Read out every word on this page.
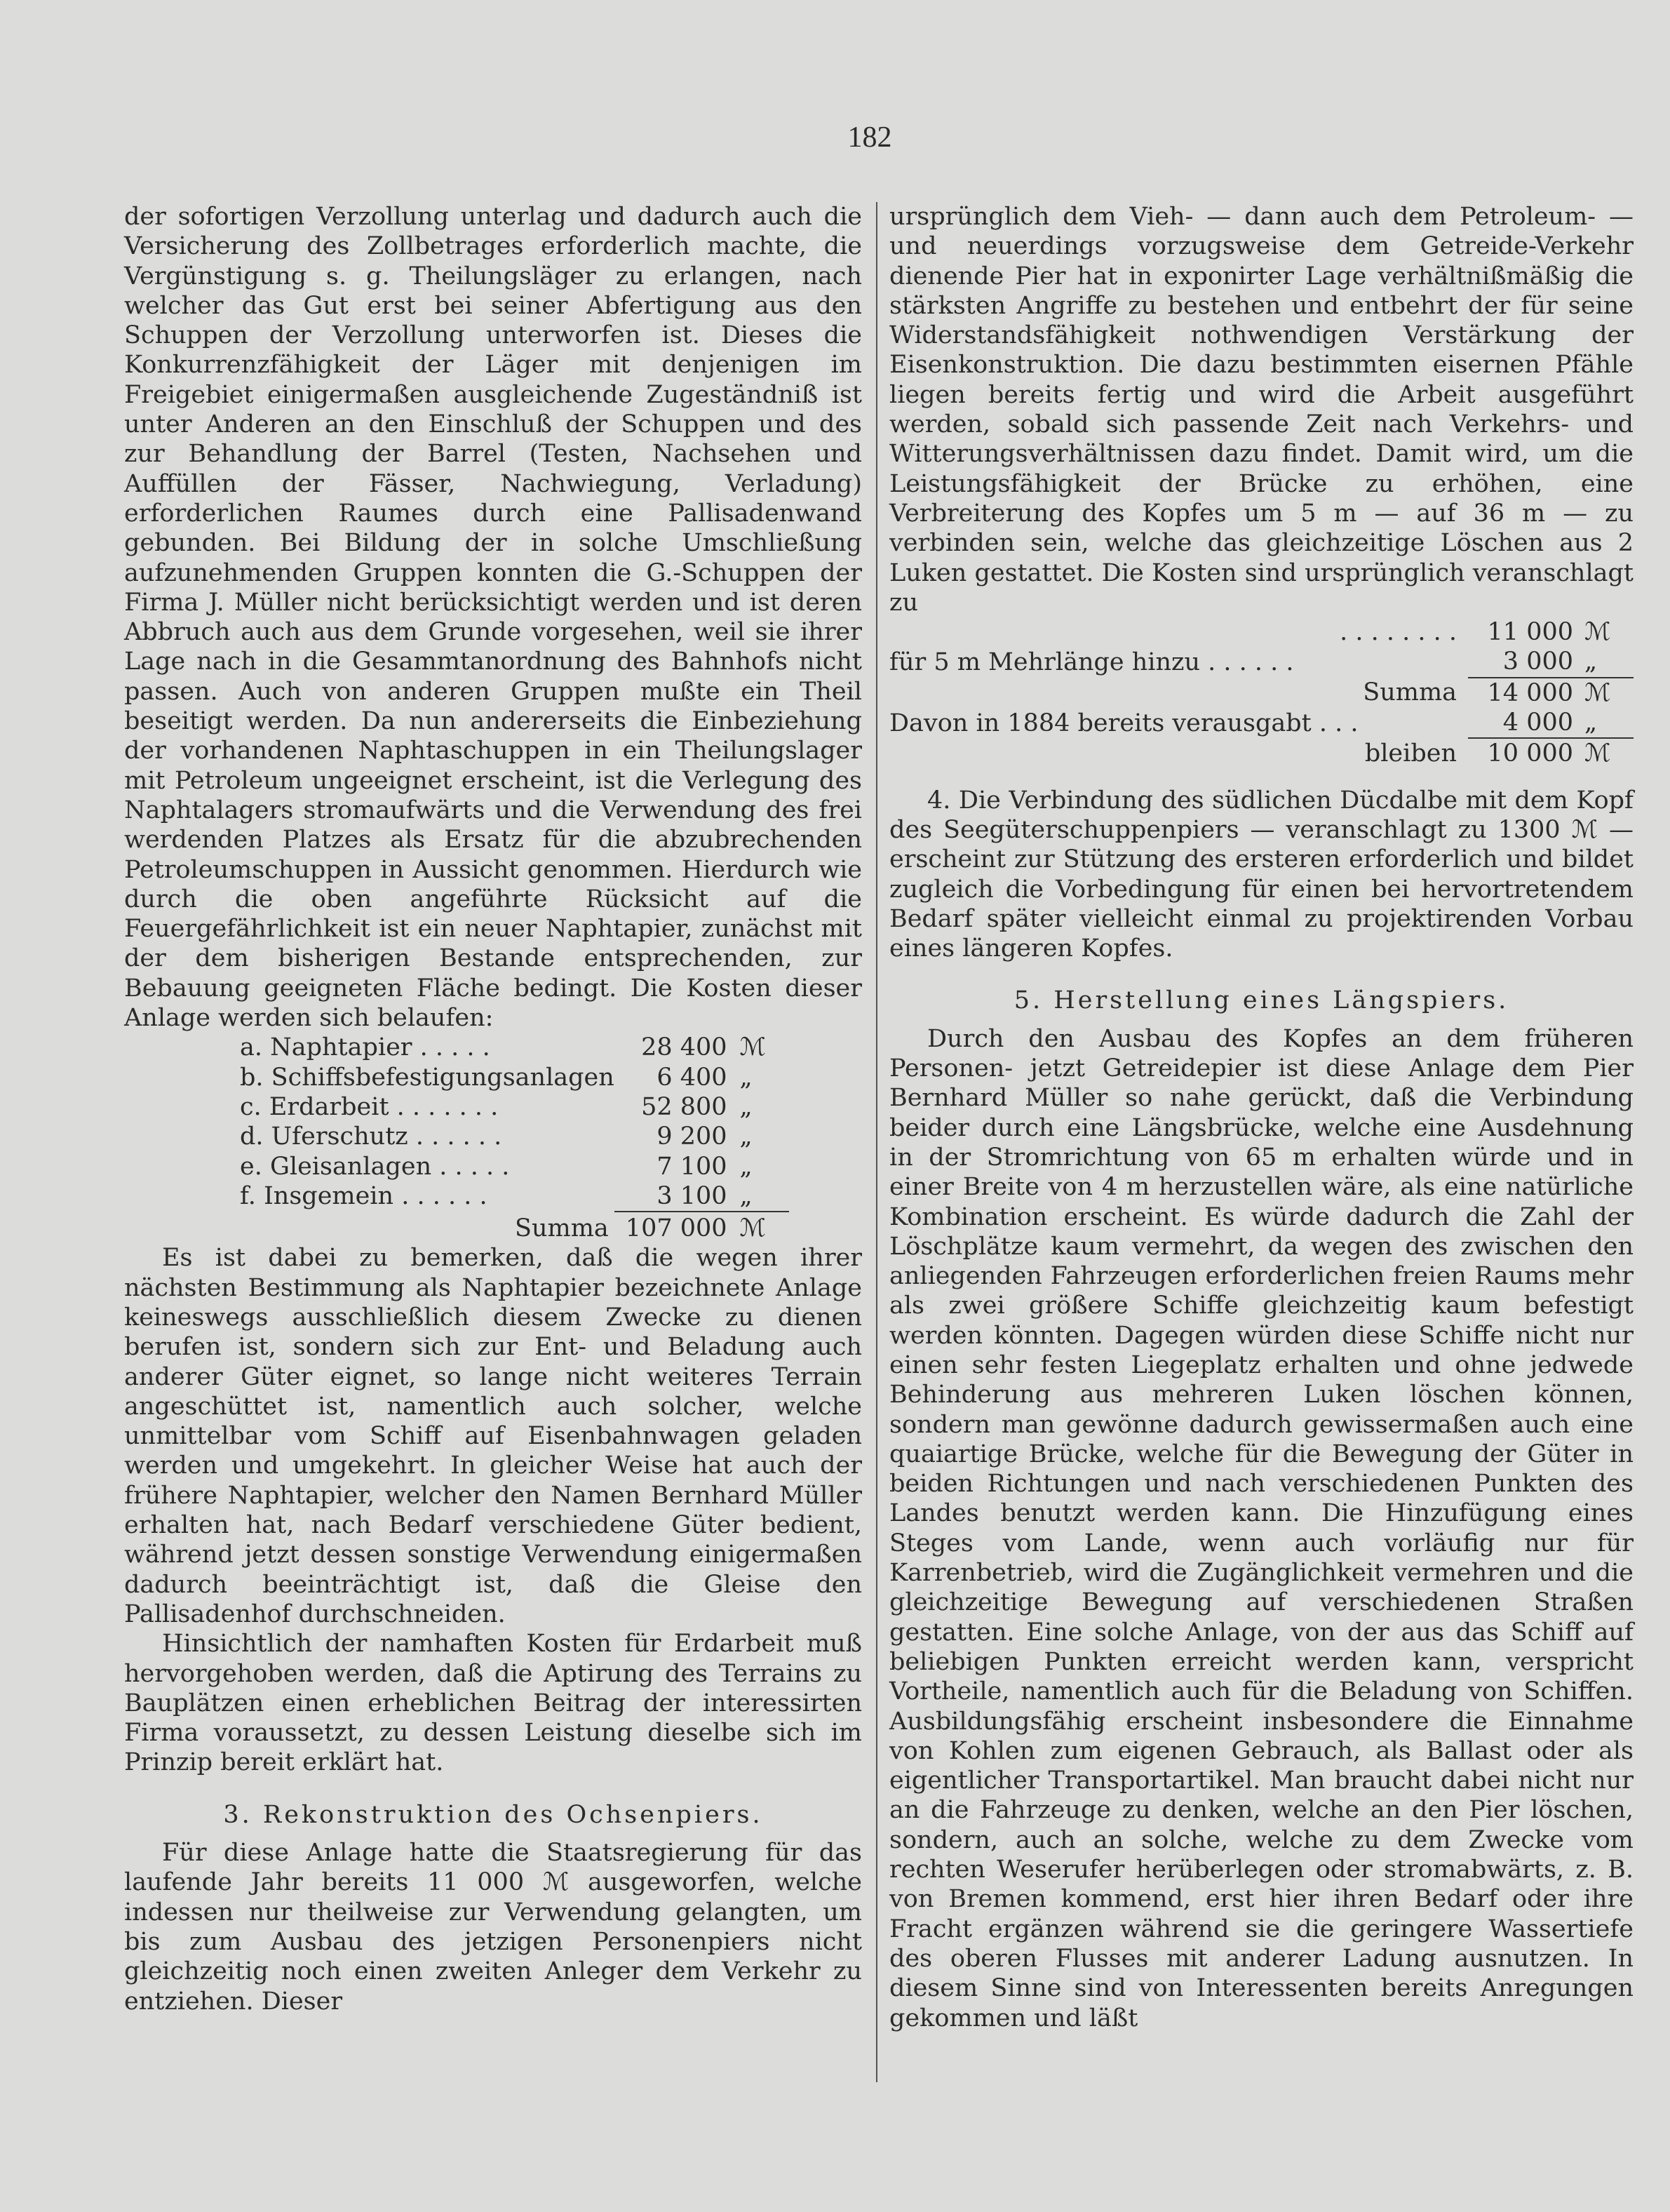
182

der sofortigen Verzollung unterlag und dadurch auch die Versicherung des Zollbetrages erforderlich machte, die Vergünstigung s. g. Theilungsläger zu erlangen, nach welcher das Gut erst bei seiner Abfertigung aus den Schuppen der Verzollung unterworfen ist. Dieses die Konkurrenzfähigkeit der Läger mit denjenigen im Freigebiet einigermaßen ausgleichende Zugeständniß ist unter Anderen an den Einschluß der Schuppen und des zur Behandlung der Barrel (Testen, Nachsehen und Auffüllen der Fässer, Nachwiegung, Verladung) erforderlichen Raumes durch eine Pallisadenwand gebunden. Bei Bildung der in solche Umschließung aufzunehmenden Gruppen konnten die G.-Schuppen der Firma J. Müller nicht berücksichtigt werden und ist deren Abbruch auch aus dem Grunde vorgesehen, weil sie ihrer Lage nach in die Gesammtanordnung des Bahnhofs nicht passen. Auch von anderen Gruppen mußte ein Theil beseitigt werden. Da nun andererseits die Einbeziehung der vorhandenen Naphtaschuppen in ein Theilungslager mit Petroleum ungeeignet erscheint, ist die Verlegung des Naphtalagers stromaufwärts und die Verwendung des frei werdenden Platzes als Ersatz für die abzubrechenden Petroleumschuppen in Aussicht genommen. Hierdurch wie durch die oben angeführte Rücksicht auf die Feuergefährlichkeit ist ein neuer Naphtapier, zunächst mit der dem bisherigen Bestande entsprechenden, zur Bebauung geeigneten Fläche bedingt. Die Kosten dieser Anlage werden sich belaufen:

a. Naphtapier . . . . .	28 400	ℳ
b. Schiffsbefestigungsanlagen	6 400	„
c. Erdarbeit . . . . . . .	52 800	„
d. Uferschutz . . . . . .	9 200	„
e. Gleisanlagen . . . . .	7 100	„
f. Insgemein . . . . . .	3 100	„
Summa	107 000	ℳ

Es ist dabei zu bemerken, daß die wegen ihrer nächsten Bestimmung als Naphtapier bezeichnete Anlage keineswegs ausschließlich diesem Zwecke zu dienen berufen ist, sondern sich zur Ent- und Beladung auch anderer Güter eignet, so lange nicht weiteres Terrain angeschüttet ist, namentlich auch solcher, welche unmittelbar vom Schiff auf Eisenbahnwagen geladen werden und umgekehrt. In gleicher Weise hat auch der frühere Naphtapier, welcher den Namen Bernhard Müller erhalten hat, nach Bedarf verschiedene Güter bedient, während jetzt dessen sonstige Verwendung einigermaßen dadurch beeinträchtigt ist, daß die Gleise den Pallisadenhof durchschneiden.

Hinsichtlich der namhaften Kosten für Erdarbeit muß hervorgehoben werden, daß die Aptirung des Terrains zu Bauplätzen einen erheblichen Beitrag der interessirten Firma voraussetzt, zu dessen Leistung dieselbe sich im Prinzip bereit erklärt hat.

3. Rekonstruktion des Ochsenpiers.

Für diese Anlage hatte die Staatsregierung für das laufende Jahr bereits 11 000 ℳ ausgeworfen, welche indessen nur theilweise zur Verwendung gelangten, um bis zum Ausbau des jetzigen Personenpiers nicht gleichzeitig noch einen zweiten Anleger dem Verkehr zu entziehen. Dieser

ursprünglich dem Vieh- — dann auch dem Petroleum- — und neuerdings vorzugsweise dem Getreide-Verkehr dienende Pier hat in exponirter Lage verhältnißmäßig die stärksten Angriffe zu bestehen und entbehrt der für seine Widerstandsfähigkeit nothwendigen Verstärkung der Eisenkonstruktion. Die dazu bestimmten eisernen Pfähle liegen bereits fertig und wird die Arbeit ausgeführt werden, sobald sich passende Zeit nach Verkehrs- und Witterungsverhältnissen dazu findet. Damit wird, um die Leistungsfähigkeit der Brücke zu erhöhen, eine Verbreiterung des Kopfes um 5 m — auf 36 m — zu verbinden sein, welche das gleichzeitige Löschen aus 2 Luken gestattet. Die Kosten sind ursprünglich veranschlagt zu

. . . . . . . .	11 000	ℳ
für 5 m Mehrlänge hinzu . . . . . .	3 000	„
Summa	14 000	ℳ
Davon in 1884 bereits verausgabt . . .	4 000	„
bleiben	10 000	ℳ

4. Die Verbindung des südlichen Dücdalbe mit dem Kopf des Seegüterschuppenpiers — veranschlagt zu 1300 ℳ — erscheint zur Stützung des ersteren erforderlich und bildet zugleich die Vorbedingung für einen bei hervortretendem Bedarf später vielleicht einmal zu projektirenden Vorbau eines längeren Kopfes.

5. Herstellung eines Längspiers.

Durch den Ausbau des Kopfes an dem früheren Personen- jetzt Getreidepier ist diese Anlage dem Pier Bernhard Müller so nahe gerückt, daß die Verbindung beider durch eine Längsbrücke, welche eine Ausdehnung in der Stromrichtung von 65 m erhalten würde und in einer Breite von 4 m herzustellen wäre, als eine natürliche Kombination erscheint. Es würde dadurch die Zahl der Löschplätze kaum vermehrt, da wegen des zwischen den anliegenden Fahrzeugen erforderlichen freien Raums mehr als zwei größere Schiffe gleichzeitig kaum befestigt werden könnten. Dagegen würden diese Schiffe nicht nur einen sehr festen Liegeplatz erhalten und ohne jedwede Behinderung aus mehreren Luken löschen können, sondern man gewönne dadurch gewissermaßen auch eine quaiartige Brücke, welche für die Bewegung der Güter in beiden Richtungen und nach verschiedenen Punkten des Landes benutzt werden kann. Die Hinzufügung eines Steges vom Lande, wenn auch vorläufig nur für Karrenbetrieb, wird die Zugänglichkeit vermehren und die gleichzeitige Bewegung auf verschiedenen Straßen gestatten. Eine solche Anlage, von der aus das Schiff auf beliebigen Punkten erreicht werden kann, verspricht Vortheile, namentlich auch für die Beladung von Schiffen. Ausbildungsfähig erscheint insbesondere die Einnahme von Kohlen zum eigenen Gebrauch, als Ballast oder als eigentlicher Transportartikel. Man braucht dabei nicht nur an die Fahrzeuge zu denken, welche an den Pier löschen, sondern, auch an solche, welche zu dem Zwecke vom rechten Weserufer herüberlegen oder stromabwärts, z. B. von Bremen kommend, erst hier ihren Bedarf oder ihre Fracht ergänzen während sie die geringere Wassertiefe des oberen Flusses mit anderer Ladung ausnutzen. In diesem Sinne sind von Interessenten bereits Anregungen gekommen und läßt
